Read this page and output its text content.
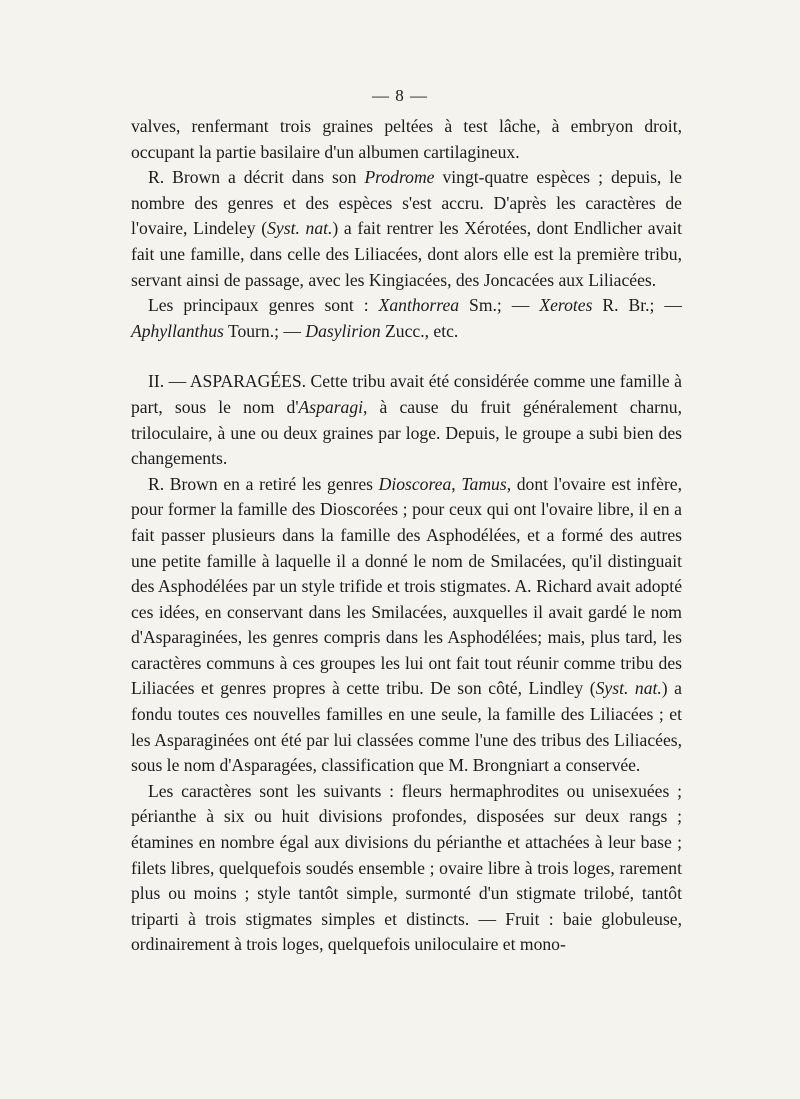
— 8 —

valves, renfermant trois graines peltées à test lâche, à embryon droit, occupant la partie basilaire d'un albumen cartilagineux.

R. Brown a décrit dans son Prodrome vingt-quatre espèces ; depuis, le nombre des genres et des espèces s'est accru. D'après les caractères de l'ovaire, Lindeley (Syst. nat.) a fait rentrer les Xérotées, dont Endlicher avait fait une famille, dans celle des Liliacées, dont alors elle est la première tribu, servant ainsi de passage, avec les Kingiacées, des Joncacées aux Liliacées.

Les principaux genres sont : Xanthorrea Sm.; — Xerotes R. Br.; — Aphyllanthus Tourn.; — Dasylirion Zucc., etc.

II. — ASPARAGÉES. Cette tribu avait été considérée comme une famille à part, sous le nom d'Asparagi, à cause du fruit généralement charnu, triloculaire, à une ou deux graines par loge. Depuis, le groupe a subi bien des changements.

R. Brown en a retiré les genres Dioscorea, Tamus, dont l'ovaire est infère, pour former la famille des Dioscorées ; pour ceux qui ont l'ovaire libre, il en a fait passer plusieurs dans la famille des Asphodélées, et a formé des autres une petite famille à laquelle il a donné le nom de Smilacées, qu'il distinguait des Asphodélées par un style trifide et trois stigmates. A. Richard avait adopté ces idées, en conservant dans les Smilacées, auxquelles il avait gardé le nom d'Asparaginées, les genres compris dans les Asphodélées; mais, plus tard, les caractères communs à ces groupes les lui ont fait tout réunir comme tribu des Liliacées et genres propres à cette tribu. De son côté, Lindley (Syst. nat.) a fondu toutes ces nouvelles familles en une seule, la famille des Liliacées ; et les Asparaginées ont été par lui classées comme l'une des tribus des Liliacées, sous le nom d'Asparagées, classification que M. Brongniart a conservée.

Les caractères sont les suivants : fleurs hermaphrodites ou unisexuées ; périanthe à six ou huit divisions profondes, disposées sur deux rangs ; étamines en nombre égal aux divisions du périanthe et attachées à leur base ; filets libres, quelquefois soudés ensemble ; ovaire libre à trois loges, rarement plus ou moins ; style tantôt simple, surmonté d'un stigmate trilobé, tantôt triparti à trois stigmates simples et distincts. — Fruit : baie globuleuse, ordinairement à trois loges, quelquefois uniloculaire et mono-
